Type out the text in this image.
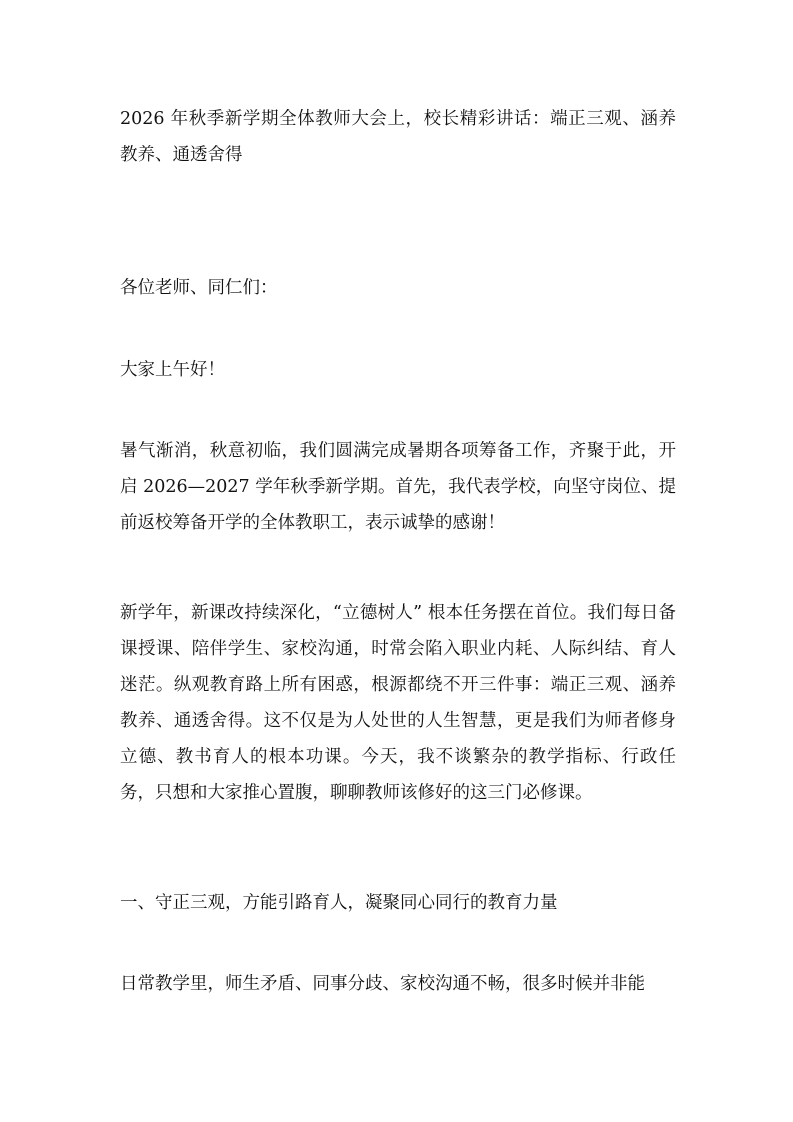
2026 年秋季新学期全体教师大会上，校长精彩讲话：端正三观、涵养教养、通透舍得

各位老师、同仁们：

大家上午好！

暑气渐消，秋意初临，我们圆满完成暑期各项筹备工作，齐聚于此，开启 2026—2027 学年秋季新学期。首先，我代表学校，向坚守岗位、提前返校筹备开学的全体教职工，表示诚挚的感谢！

新学年，新课改持续深化，“立德树人” 根本任务摆在首位。我们每日备课授课、陪伴学生、家校沟通，时常会陷入职业内耗、人际纠结、育人迷茫。纵观教育路上所有困惑，根源都绕不开三件事：端正三观、涵养教养、通透舍得。这不仅是为人处世的人生智慧，更是我们为师者修身立德、教书育人的根本功课。今天，我不谈繁杂的教学指标、行政任务，只想和大家推心置腹，聊聊教师该修好的这三门必修课。

一、守正三观，方能引路育人，凝聚同心同行的教育力量

日常教学里，师生矛盾、同事分歧、家校沟通不畅，很多时候并非能
